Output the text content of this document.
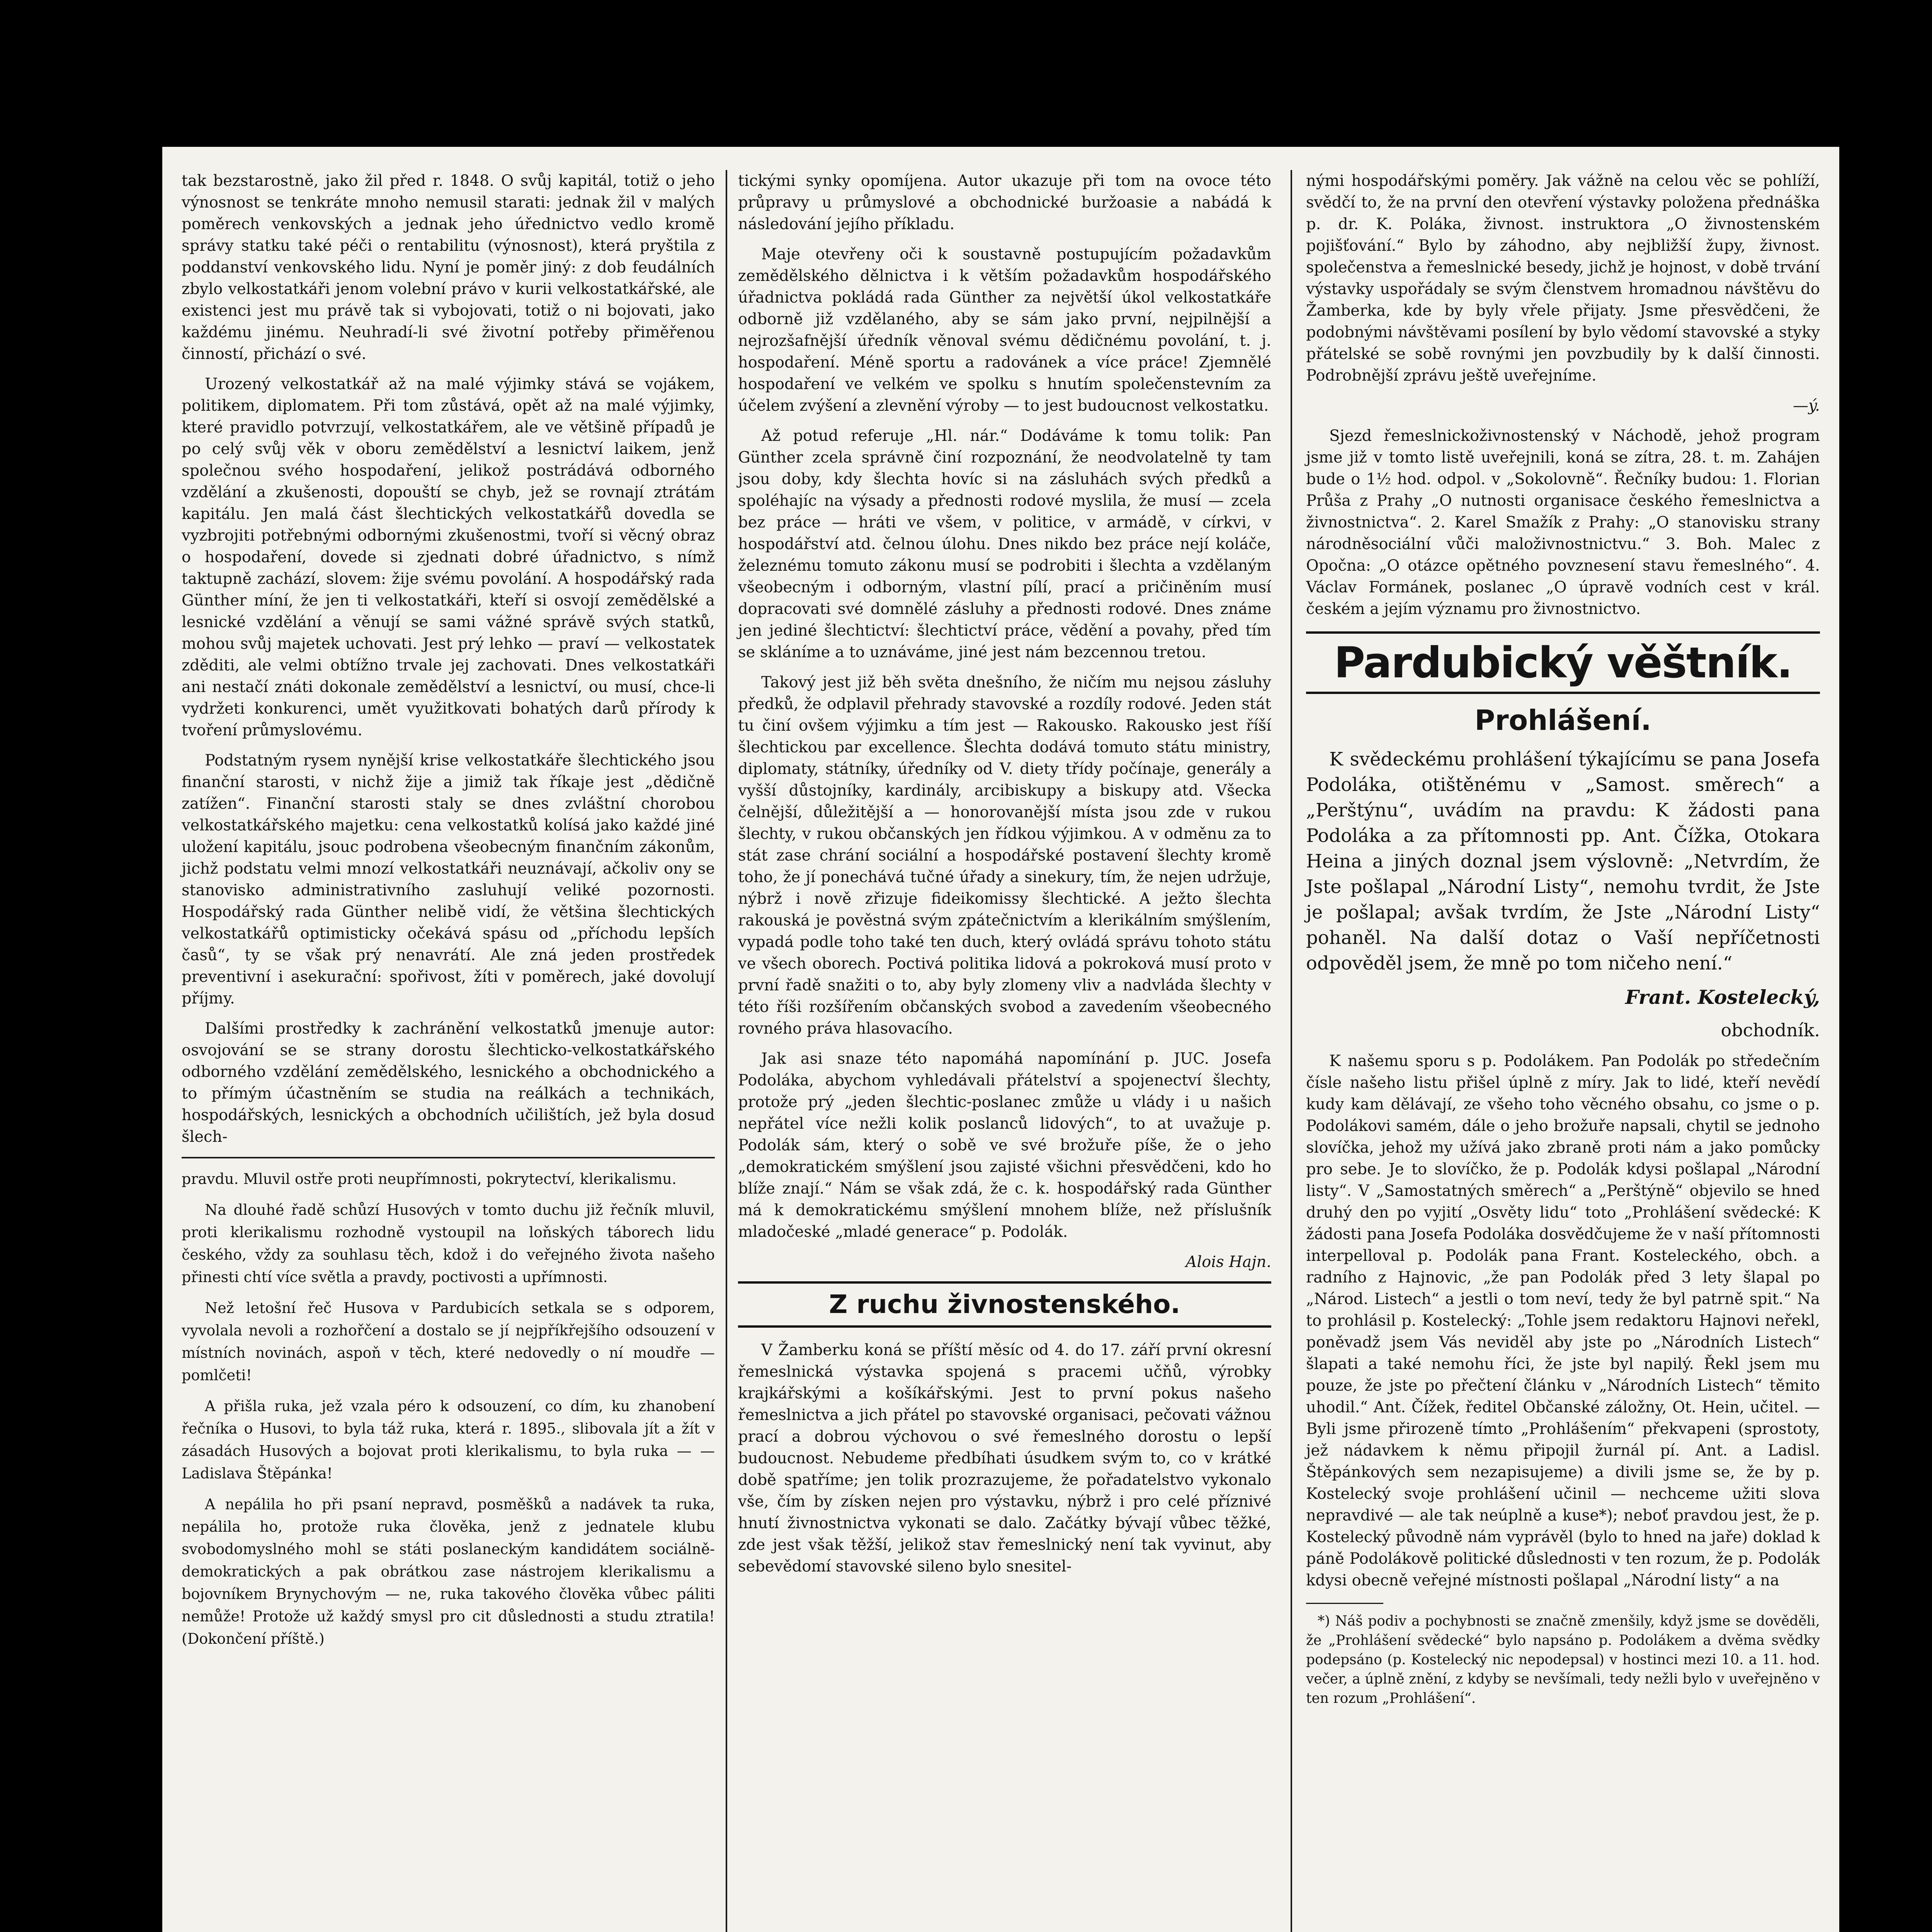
tak bezstarostně, jako žil před r. 1848. O svůj kapitál, totiž o jeho výnosnost se tenkráte mnoho nemusil starati: jednak žil v malých poměrech venkovských a jednak jeho úřednictvo vedlo kromě správy statku také péči o rentabilitu (výnosnost), která pryštila z poddanství venkovského lidu. Nyní je poměr jiný: z dob feudálních zbylo velkostatkáři jenom volební právo v kurii velkostatkářské, ale existenci jest mu právě tak si vybojovati, totiž o ni bojovati, jako každému jinému. Neuhradí-li své životní potřeby přiměřenou činností, přichází o své.

Urozený velkostatkář až na malé výjimky stává se vojákem, politikem, diplomatem. Při tom zůstává, opět až na malé výjimky, které pravidlo potvrzují, velkostatkářem, ale ve většině případů je po celý svůj věk v oboru zemědělství a lesnictví laikem, jenž společnou svého hospodaření, jelikož postrádává odborného vzdělání a zkušenosti, dopouští se chyb, jež se rovnají ztrátám kapitálu. Jen malá část šlechtických velkostatkářů dovedla se vyzbrojiti potřebnými odbornými zkušenostmi, tvoří si věcný obraz o hospodaření, dovede si zjednati dobré úřadnictvo, s nímž taktupně zachází, slovem: žije svému povolání. A hospodářský rada Günther míní, že jen ti velkostatkáři, kteří si osvojí zemědělské a lesnické vzdělání a věnují se sami vážné správě svých statků, mohou svůj majetek uchovati. Jest prý lehko — praví — velkostatek zděditi, ale velmi obtížno trvale jej zachovati. Dnes velkostatkáři ani nestačí znáti dokonale zemědělství a lesnictví, ou musí, chce-li vydržeti konkurenci, umět využitkovati bohatých darů přírody k tvoření průmyslovému.

Podstatným rysem nynější krise velkostatkáře šlechtického jsou finanční starosti, v nichž žije a jimiž tak říkaje jest „dědičně zatížen“. Finanční starosti staly se dnes zvláštní chorobou velkostatkářského majetku: cena velkostatků kolísá jako každé jiné uložení kapitálu, jsouc podrobena všeobecným finančním zákonům, jichž podstatu velmi mnozí velkostatkáři neuznávají, ačkoliv ony se stanovisko administrativního zasluhují veliké pozornosti. Hospodářský rada Günther nelibě vidí, že většina šlechtických velkostatkářů optimisticky očekává spásu od „příchodu lepších časů“, ty se však prý nenavrátí. Ale zná jeden prostředek preventivní i asekurační: spořivost, žíti v poměrech, jaké dovolují příjmy.

Dalšími prostředky k zachránění velkostatků jmenuje autor: osvojování se se strany dorostu šlechticko-velkostatkářského odborného vzdělání zemědělského, lesnického a obchodnického a to přímým účastněním se studia na reálkách a technikách, hospodářských, lesnických a obchodních učilištích, jež byla dosud šlech-

pravdu. Mluvil ostře proti neupřímnosti, pokrytectví, klerikalismu.

Na dlouhé řadě schůzí Husových v tomto duchu již řečník mluvil, proti klerikalismu rozhodně vystoupil na loňských táborech lidu českého, vždy za souhlasu těch, kdož i do veřejného života našeho přinesti chtí více světla a pravdy, poctivosti a upřímnosti.

Než letošní řeč Husova v Pardubicích setkala se s odporem, vyvolala nevoli a rozhořčení a dostalo se jí nejpříkřejšího odsouzení v místních novinách, aspoň v těch, které nedovedly o ní moudře — pomlčeti!

A přišla ruka, jež vzala péro k odsouzení, co dím, ku zhanobení řečníka o Husovi, to byla táž ruka, která r. 1895., slibovala jít a žít v zásadách Husových a bojovat proti klerikalismu, to byla ruka — — Ladislava Štěpánka!

A nepálila ho při psaní nepravd, posměšků a nadávek ta ruka, nepálila ho, protože ruka člověka, jenž z jednatele klubu svobodomyslného mohl se státi poslaneckým kandidátem sociálně-demokratických a pak obrátkou zase nástrojem klerikalismu a bojovníkem Brynychovým — ne, ruka takového člověka vůbec páliti nemůže! Protože už každý smysl pro cit důslednosti a studu ztratila! (Dokončení příště.)

tickými synky opomíjena. Autor ukazuje při tom na ovoce této průpravy u průmyslové a obchodnické buržoasie a nabádá k následování jejího příkladu.

Maje otevřeny oči k soustavně postupujícím požadavkům zemědělského dělnictva i k větším požadavkům hospodářského úřadnictva pokládá rada Günther za největší úkol velkostatkáře odborně již vzdělaného, aby se sám jako první, nejpilnější a nejrozšafnější úředník věnoval svému dědičnému povolání, t. j. hospodaření. Méně sportu a radovánek a více práce! Zjemnělé hospodaření ve velkém ve spolku s hnutím společenstevním za účelem zvýšení a zlevnění výroby — to jest budoucnost velkostatku.

Až potud referuje „Hl. nár.“ Dodáváme k tomu tolik: Pan Günther zcela správně činí rozpoznání, že neodvolatelně ty tam jsou doby, kdy šlechta hovíc si na zásluhách svých předků a spoléhajíc na výsady a přednosti rodové myslila, že musí — zcela bez práce — hráti ve všem, v politice, v armádě, v církvi, v hospodářství atd. čelnou úlohu. Dnes nikdo bez práce nejí koláče, železnému tomuto zákonu musí se podrobiti i šlechta a vzdělaným všeobecným i odborným, vlastní pílí, prací a pričiněním musí dopracovati své domnělé zásluhy a přednosti rodové. Dnes známe jen jediné šlechtictví: šlechtictví práce, vědění a povahy, před tím se skláníme a to uznáváme, jiné jest nám bezcennou tretou.

Takový jest již běh světa dnešního, že ničím mu nejsou zásluhy předků, že odplavil přehrady stavovské a rozdíly rodové. Jeden stát tu činí ovšem výjimku a tím jest — Rakousko. Rakousko jest říší šlechtickou par excellence. Šlechta dodává tomuto státu ministry, diplomaty, státníky, úředníky od V. diety třídy počínaje, generály a vyšší důstojníky, kardinály, arcibiskupy a biskupy atd. Všecka čelnější, důležitější a — honorovanější místa jsou zde v rukou šlechty, v rukou občanských jen řídkou výjimkou. A v odměnu za to stát zase chrání sociální a hospodářské postavení šlechty kromě toho, že jí ponechává tučné úřady a sinekury, tím, že nejen udržuje, nýbrž i nově zřizuje fideikomissy šlechtické. A ježto šlechta rakouská je pověstná svým zpátečnictvím a klerikálním smýšlením, vypadá podle toho také ten duch, který ovládá správu tohoto státu ve všech oborech. Poctivá politika lidová a pokroková musí proto v první řadě snažiti o to, aby byly zlomeny vliv a nadvláda šlechty v této říši rozšířením občanských svobod a zavedením všeobecného rovného práva hlasovacího.

Jak asi snaze této napomáhá napomínání p. JUC. Josefa Podoláka, abychom vyhledávali přátelství a spojenectví šlechty, protože prý „jeden šlechtic-poslanec zmůže u vlády i u našich nepřátel více nežli kolik poslanců lidových“, to at uvažuje p. Podolák sám, který o sobě ve své brožuře píše, že o jeho „demokratickém smýšlení jsou zajisté všichni přesvědčeni, kdo ho blíže znají.“ Nám se však zdá, že c. k. hospodářský rada Günther má k demokratickému smýšlení mnohem blíže, než příslušník mladočeské „mladé generace“ p. Podolák.

Alois Hajn.

Z ruchu živnostenského.

V Žamberku koná se příští měsíc od 4. do 17. září první okresní řemeslnická výstavka spojená s pracemi učňů, výrobky krajkářskými a košíkářskými. Jest to první pokus našeho řemeslnictva a jich přátel po stavovské organisaci, pečovati vážnou prací a dobrou výchovou o své řemeslného dorostu o lepší budoucnost. Nebudeme předbíhati úsudkem svým to, co v krátké době spatříme; jen tolik prozrazujeme, že pořadatelstvo vykonalo vše, čím by získen nejen pro výstavku, nýbrž i pro celé příznivé hnutí živnostnictva vykonati se dalo. Začátky bývají vůbec těžké, zde jest však těžší, jelikož stav řemeslnický není tak vyvinut, aby sebevědomí stavovské sileno bylo snesitel-

nými hospodářskými poměry. Jak vážně na celou věc se pohlíží, svědčí to, že na první den otevření výstavky položena přednáška p. dr. K. Poláka, živnost. instruktora „O živnostenském pojišťování.“ Bylo by záhodno, aby nejbližší župy, živnost. společenstva a řemeslnické besedy, jichž je hojnost, v době trvání výstavky uspořádaly se svým členstvem hromadnou návštěvu do Žamberka, kde by byly vřele přijaty. Jsme přesvědčeni, že podobnými návštěvami posílení by bylo vědomí stavovské a styky přátelské se sobě rovnými jen povzbudily by k další činnosti. Podrobnější zprávu ještě uveřejníme.

—ý.

Sjezd řemeslnickoživnostenský v Náchodě, jehož program jsme již v tomto listě uveřejnili, koná se zítra, 28. t. m. Zahájen bude o 1½ hod. odpol. v „Sokolovně“. Řečníky budou: 1. Florian Průša z Prahy „O nutnosti organisace českého řemeslnictva a živnostnictva“. 2. Karel Smažík z Prahy: „O stanovisku strany národněsociální vůči maloživnostnictvu.“ 3. Boh. Malec z Opočna: „O otázce opětného povznesení stavu řemeslného“. 4. Václav Formánek, poslanec „O úpravě vodních cest v král. českém a jejím významu pro živnostnictvo.

Pardubický věštník.
Prohlášení.

K svědeckému prohlášení týkajícímu se pana Josefa Podoláka, otištěnému v „Samost. směrech“ a „Perštýnu“, uvádím na pravdu: K žádosti pana Podoláka a za přítomnosti pp. Ant. Čížka, Otokara Heina a jiných doznal jsem výslovně: „Netvrdím, že Jste pošlapal „Národní Listy“, nemohu tvrdit, že Jste je pošlapal; avšak tvrdím, že Jste „Národní Listy“ pohaněl. Na další dotaz o Vaší nepříčetnosti odpověděl jsem, že mně po tom ničeho není.“

Frant. Kostelecký,

obchodník.

K našemu sporu s p. Podolákem. Pan Podolák po středečním čísle našeho listu přišel úplně z míry. Jak to lidé, kteří nevědí kudy kam dělávají, ze všeho toho věcného obsahu, co jsme o p. Podolákovi samém, dále o jeho brožuře napsali, chytil se jednoho slovíčka, jehož my užívá jako zbraně proti nám a jako pomůcky pro sebe. Je to slovíčko, že p. Podolák kdysi pošlapal „Národní listy“. V „Samostatných směrech“ a „Perštýně“ objevilo se hned druhý den po vyjití „Osvěty lidu“ toto „Prohlášení svědecké: K žádosti pana Josefa Podoláka dosvědčujeme že v naší přítomnosti interpelloval p. Podolák pana Frant. Kosteleckého, obch. a radního z Hajnovic, „že pan Podolák před 3 lety šlapal po „Národ. Listech“ a jestli o tom neví, tedy že byl patrně spit.“ Na to prohlásil p. Kostelecký: „Tohle jsem redaktoru Hajnovi neřekl, poněvadž jsem Vás neviděl aby jste po „Národních Listech“ šlapati a také nemohu říci, že jste byl napilý. Řekl jsem mu pouze, že jste po přečtení článku v „Národních Listech“ těmito uhodil.“ Ant. Čížek, ředitel Občanské záložny, Ot. Hein, učitel. — Byli jsme přirozeně tímto „Prohlášením“ překvapeni (sprostoty, jež nádavkem k němu připojil žurnál pí. Ant. a Ladisl. Štěpánkových sem nezapisujeme) a divili jsme se, že by p. Kostelecký svoje prohlášení učinil — nechceme užiti slova nepravdivé — ale tak neúplně a kuse*); neboť pravdou jest, že p. Kostelecký původně nám vyprávěl (bylo to hned na jaře) doklad k páně Podolákově politické důslednosti v ten rozum, že p. Podolák kdysi obecně veřejné místnosti pošlapal „Národní listy“ a na

*) Náš podiv a pochybnosti se značně zmenšily, když jsme se dověděli, že „Prohlášení svědecké“ bylo napsáno p. Podolákem a dvěma svědky podepsáno (p. Kostelecký nic nepodepsal) v hostinci mezi 10. a 11. hod. večer, a úplně znění, z kdyby se nevšímali, tedy nežli bylo v uveřejněno v ten rozum „Prohlášení“.
